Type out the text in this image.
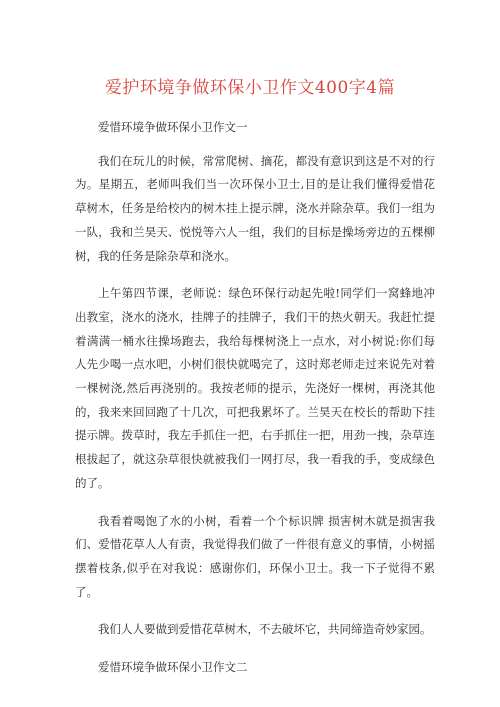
爱护环境争做环保小卫作文400字4篇

爱惜环境争做环保小卫作文一

我们在玩儿的时候，常常爬树、摘花，都没有意识到这是不对的行为。星期五，老师叫我们当一次环保小卫士,目的是让我们懂得爱惜花草树木，任务是给校内的树木挂上提示牌，浇水并除杂草。我们一组为一队，我和兰昊天、悦悦等六人一组，我们的目标是操场旁边的五棵柳树，我的任务是除杂草和浇水。

上午第四节课，老师说：绿色环保行动起先啦!同学们一窝蜂地冲出教室，浇水的浇水，挂牌子的挂牌子，我们干的热火朝天。我赶忙提着满满一桶水往操场跑去，我给每棵树浇上一点水，对小树说:你们每人先少喝一点水吧，小树们很快就喝完了，这时郑老师走过来说先对着一棵树浇,然后再浇别的。我按老师的提示，先浇好一棵树，再浇其他的，我来来回回跑了十几次，可把我累坏了。兰昊天在校长的帮助下挂提示牌。拨草时，我左手抓住一把，右手抓住一把，用劲一拽，杂草连根拔起了，就这杂草很快就被我们一网打尽，我一看我的手，变成绿色的了。

我看着喝饱了水的小树，看着一个个标识牌 损害树木就是损害我们、爱惜花草人人有责，我觉得我们做了一件很有意义的事情，小树摇摆着枝条,似乎在对我说：感谢你们，环保小卫士。我一下子觉得不累了。

我们人人要做到爱惜花草树木，不去破坏它，共同缔造奇妙家园。

爱惜环境争做环保小卫作文二
